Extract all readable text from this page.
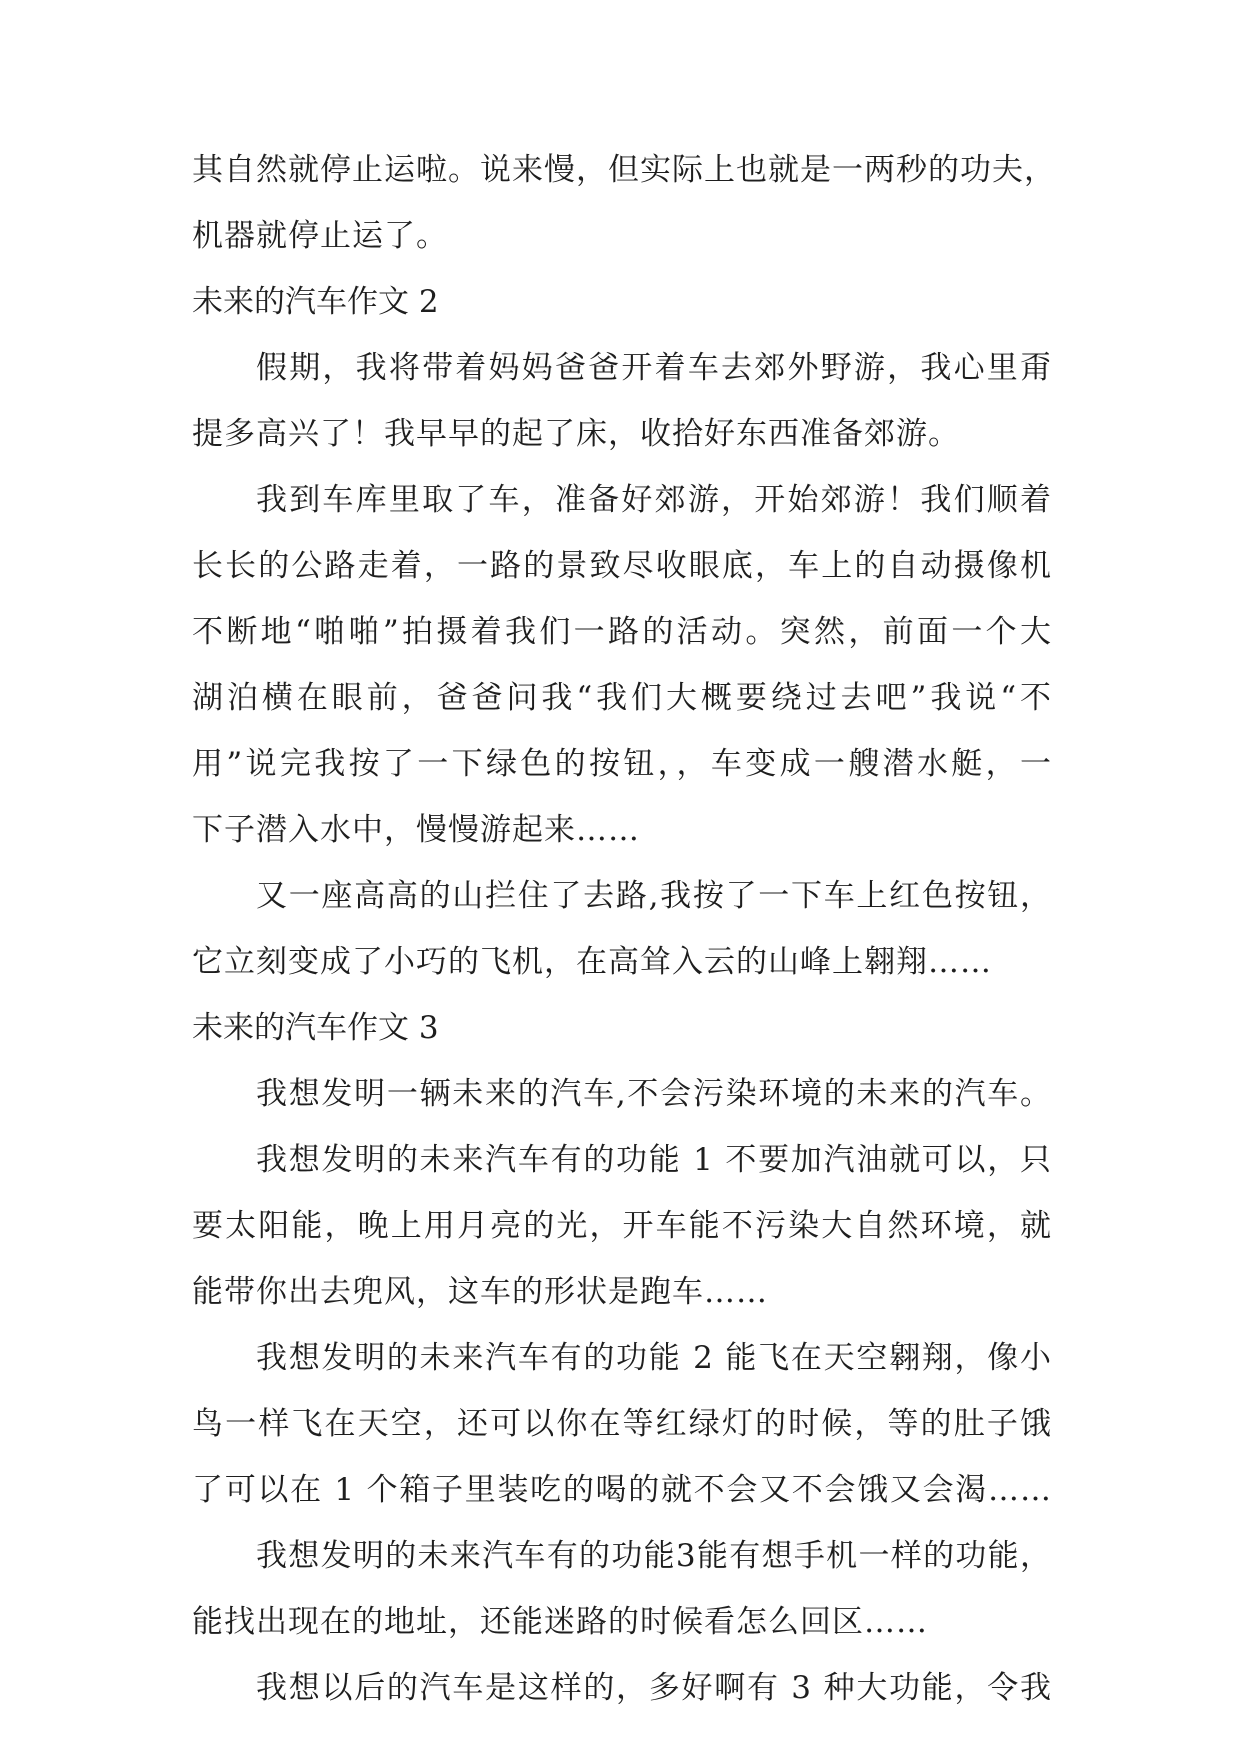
其自然就停止运啦。说来慢，但实际上也就是一两秒的功夫，
机器就停止运了。
未来的汽车作文 2
假期，我将带着妈妈爸爸开着车去郊外野游，我心里甭
提多高兴了！我早早的起了床，收拾好东西准备郊游。
我到车库里取了车，准备好郊游，开始郊游！我们顺着
长长的公路走着，一路的景致尽收眼底，车上的自动摄像机
不断地“啪啪”拍摄着我们一路的活动。突然，前面一个大
湖泊横在眼前，爸爸问我“我们大概要绕过去吧”我说“不
用”说完我按了一下绿色的按钮，，车变成一艘潜水艇，一
下子潜入水中，慢慢游起来……
又一座高高的山拦住了去路,我按了一下车上红色按钮，
它立刻变成了小巧的飞机，在高耸入云的山峰上翱翔……
未来的汽车作文 3
我想发明一辆未来的汽车,不会污染环境的未来的汽车。
我想发明的未来汽车有的功能 1 不要加汽油就可以，只
要太阳能，晚上用月亮的光，开车能不污染大自然环境，就
能带你出去兜风，这车的形状是跑车……
我想发明的未来汽车有的功能 2 能飞在天空翱翔，像小
鸟一样飞在天空，还可以你在等红绿灯的时候，等的肚子饿
了可以在 1 个箱子里装吃的喝的就不会又不会饿又会渴……
我想发明的未来汽车有的功能3能有想手机一样的功能，
能找出现在的地址，还能迷路的时候看怎么回区……
我想以后的汽车是这样的，多好啊有 3 种大功能，令我
